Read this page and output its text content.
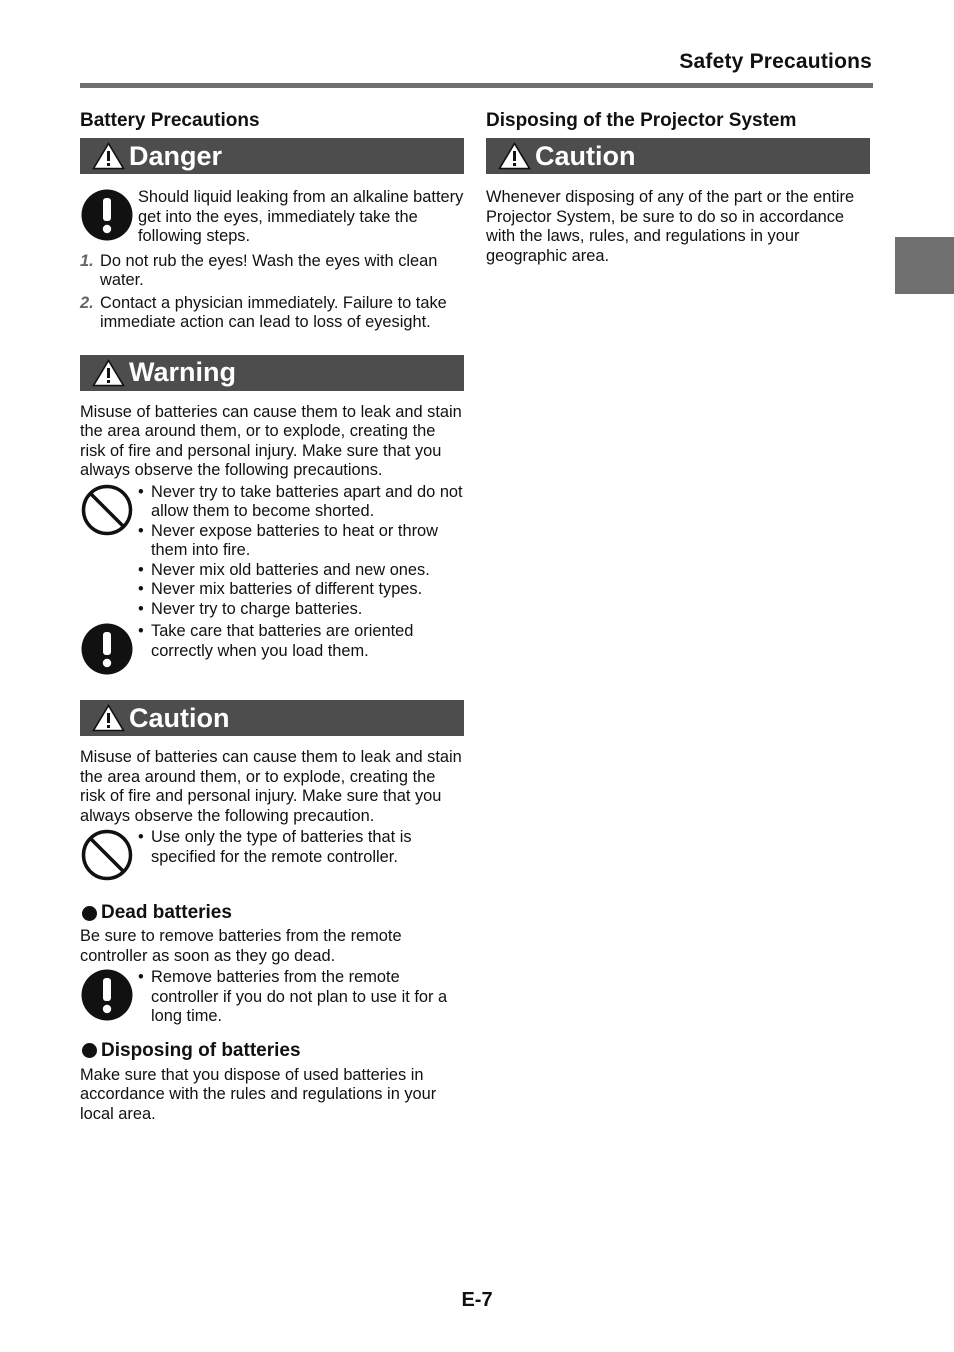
Safety Precautions
Battery Precautions
Danger

Should liquid leaking from an alkaline battery get into the eyes, immediately take the following steps.

1. Do not rub the eyes! Wash the eyes with clean water.
2. Contact a physician immediately. Failure to take immediate action can lead to loss of eyesight.
Warning

Misuse of batteries can cause them to leak and stain the area around them, or to explode, creating the risk of fire and personal injury. Make sure that you always observe the following precautions.

• Never try to take batteries apart and do not allow them to become shorted.
• Never expose batteries to heat or throw them into fire.
• Never mix old batteries and new ones.
• Never mix batteries of different types.
• Never try to charge batteries.
• Take care that batteries are oriented correctly when you load them.
Caution

Misuse of batteries can cause them to leak and stain the area around them, or to explode, creating the risk of fire and personal injury. Make sure that you always observe the following precaution.

• Use only the type of batteries that is specified for the remote controller.
Dead batteries

Be sure to remove batteries from the remote controller as soon as they go dead.

• Remove batteries from the remote controller if you do not plan to use it for a long time.
Disposing of batteries

Make sure that you dispose of used batteries in accordance with the rules and regulations in your local area.

Disposing of the Projector System
Caution

Whenever disposing of any of the part or the entire Projector System, be sure to do so in accordance with the laws, rules, and regulations in your geographic area.

E-7
